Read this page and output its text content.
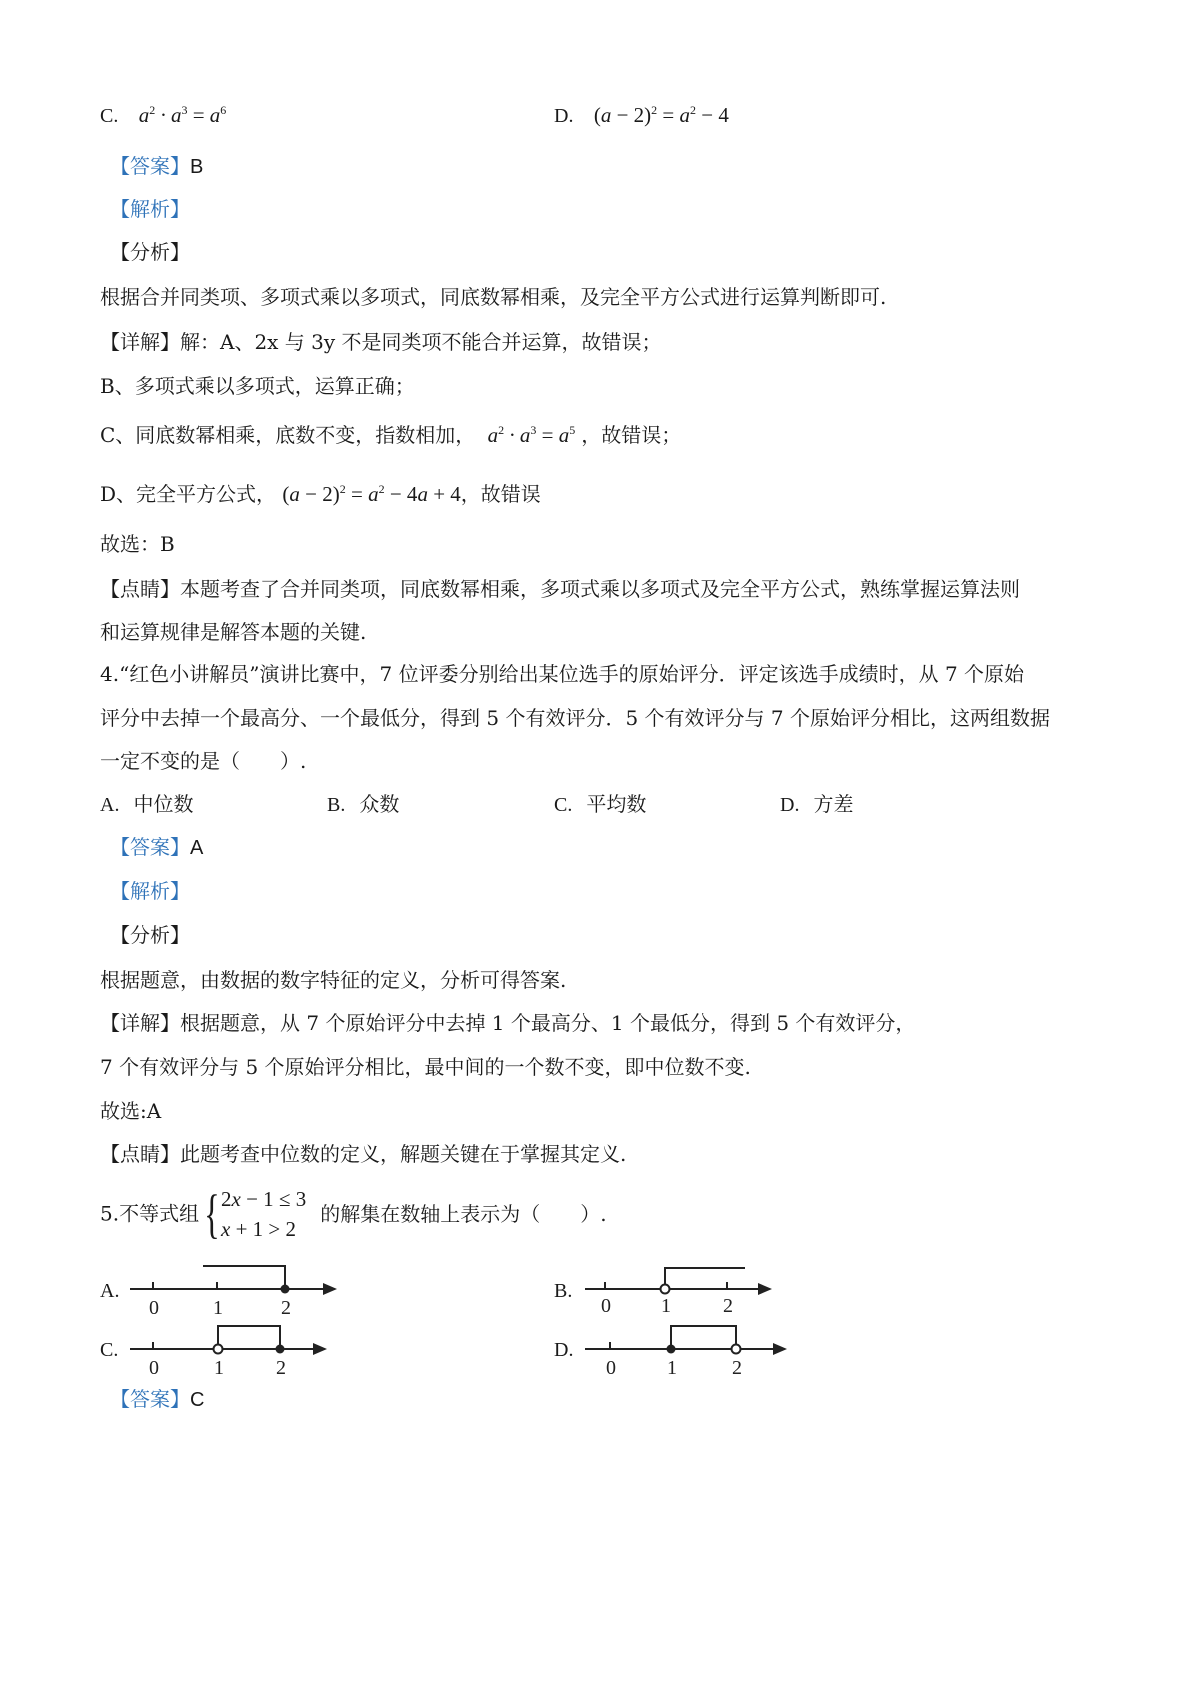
C. $a^2 \cdot a^3 = a^6$	D. $(a - 2)^2 = a^2 - 4$
【答案】B
【解析】
【分析】
根据合并同类项、多项式乘以多项式，同底数幂相乘，及完全平方公式进行运算判断即可.
【详解】解：A、2x 与 3y 不是同类项不能合并运算，故错误；
B、多项式乘以多项式，运算正确；
C、同底数幂相乘，底数不变，指数相加， $a^2 \cdot a^3 = a^5$ ，故错误；
D、完全平方公式， $(a - 2)^2 = a^2 - 4a + 4$，故错误
故选：B
【点睛】本题考查了合并同类项，同底数幂相乘，多项式乘以多项式及完全平方公式，熟练掌握运算法则
和运算规律是解答本题的关键.
4.“红色小讲解员”演讲比赛中，7 位评委分别给出某位选手的原始评分．评定该选手成绩时，从 7 个原始
评分中去掉一个最高分、一个最低分，得到 5 个有效评分．5 个有效评分与 7 个原始评分相比，这两组数据
一定不变的是（　　）.
A. 中位数	B. 众数	C. 平均数	D. 方差
【答案】A
【解析】
【分析】
根据题意，由数据的数字特征的定义，分析可得答案.
【详解】根据题意，从 7 个原始评分中去掉 1 个最高分、1 个最低分，得到 5 个有效评分，
7 个有效评分与 5 个原始评分相比，最中间的一个数不变，即中位数不变.
故选:A
【点睛】此题考查中位数的定义，解题关键在于掌握其定义.
5.不等式组{ 2x − 1 ≤ 3
x + 1 > 2
的解集在数轴上表示为（　　）.
A.
0	1	2
B.
0	1	2
C.
0	1	2
D.
0	1	2
【答案】C
